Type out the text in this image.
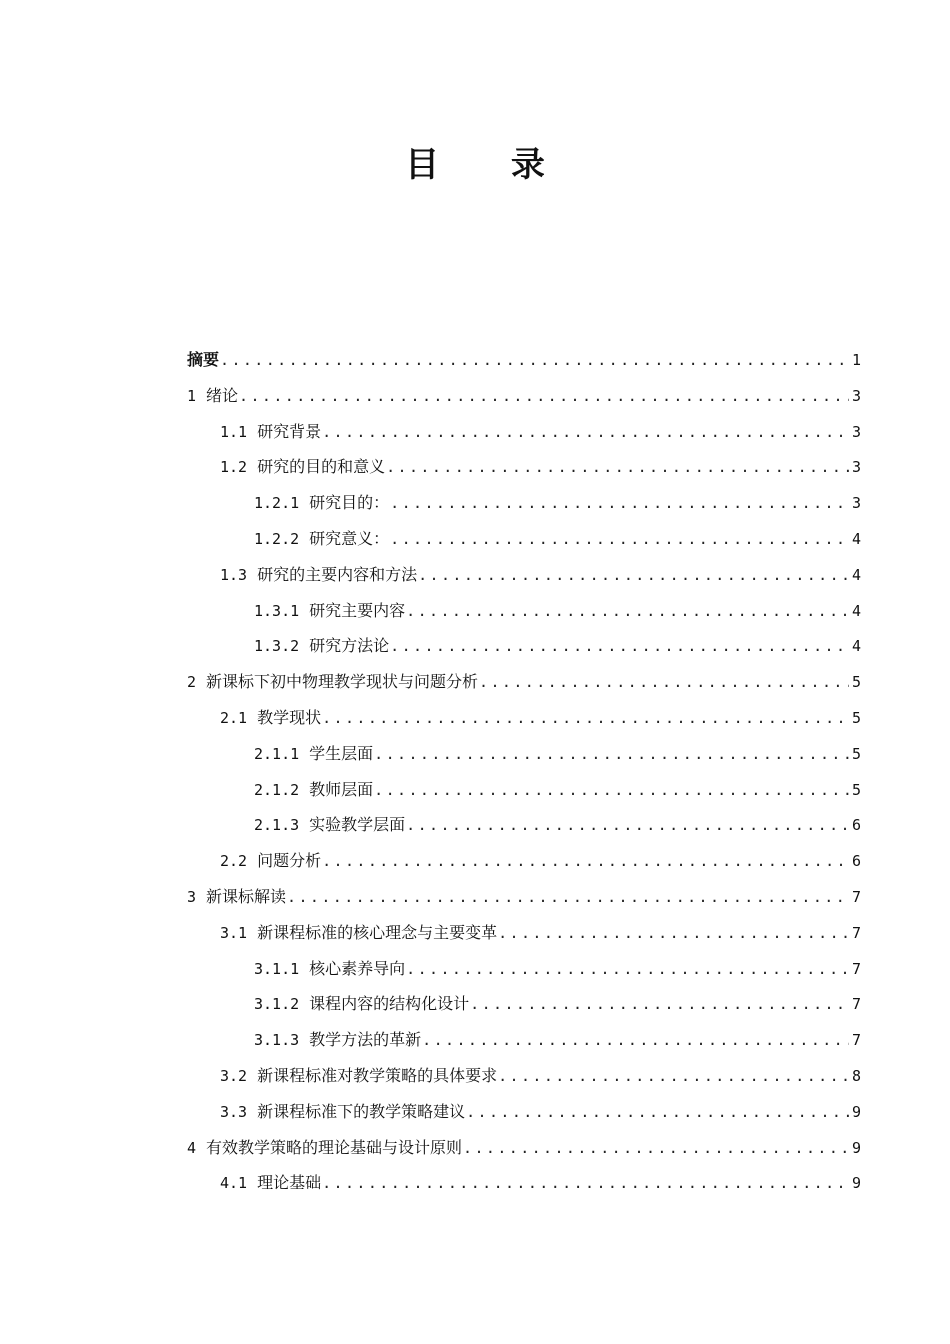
目 录
摘要 .....	1
1 绪论 .....	3
1.1 研究背景 .....	3
1.2 研究的目的和意义 .....	3
1.2.1 研究目的： .....	3
1.2.2 研究意义： .....	4
1.3 研究的主要内容和方法 .....	4
1.3.1 研究主要内容 .....	4
1.3.2 研究方法论 .....	4
2 新课标下初中物理教学现状与问题分析 .....	5
2.1 教学现状 .....	5
2.1.1 学生层面 .....	5
2.1.2 教师层面 .....	5
2.1.3 实验教学层面 .....	6
2.2 问题分析 .....	6
3 新课标解读 .....	7
3.1 新课程标准的核心理念与主要变革 .....	7
3.1.1 核心素养导向 .....	7
3.1.2 课程内容的结构化设计 .....	7
3.1.3 教学方法的革新 .....	7
3.2 新课程标准对教学策略的具体要求 .....	8
3.3 新课程标准下的教学策略建议 .....	9
4 有效教学策略的理论基础与设计原则 .....	9
4.1 理论基础 .....	9
